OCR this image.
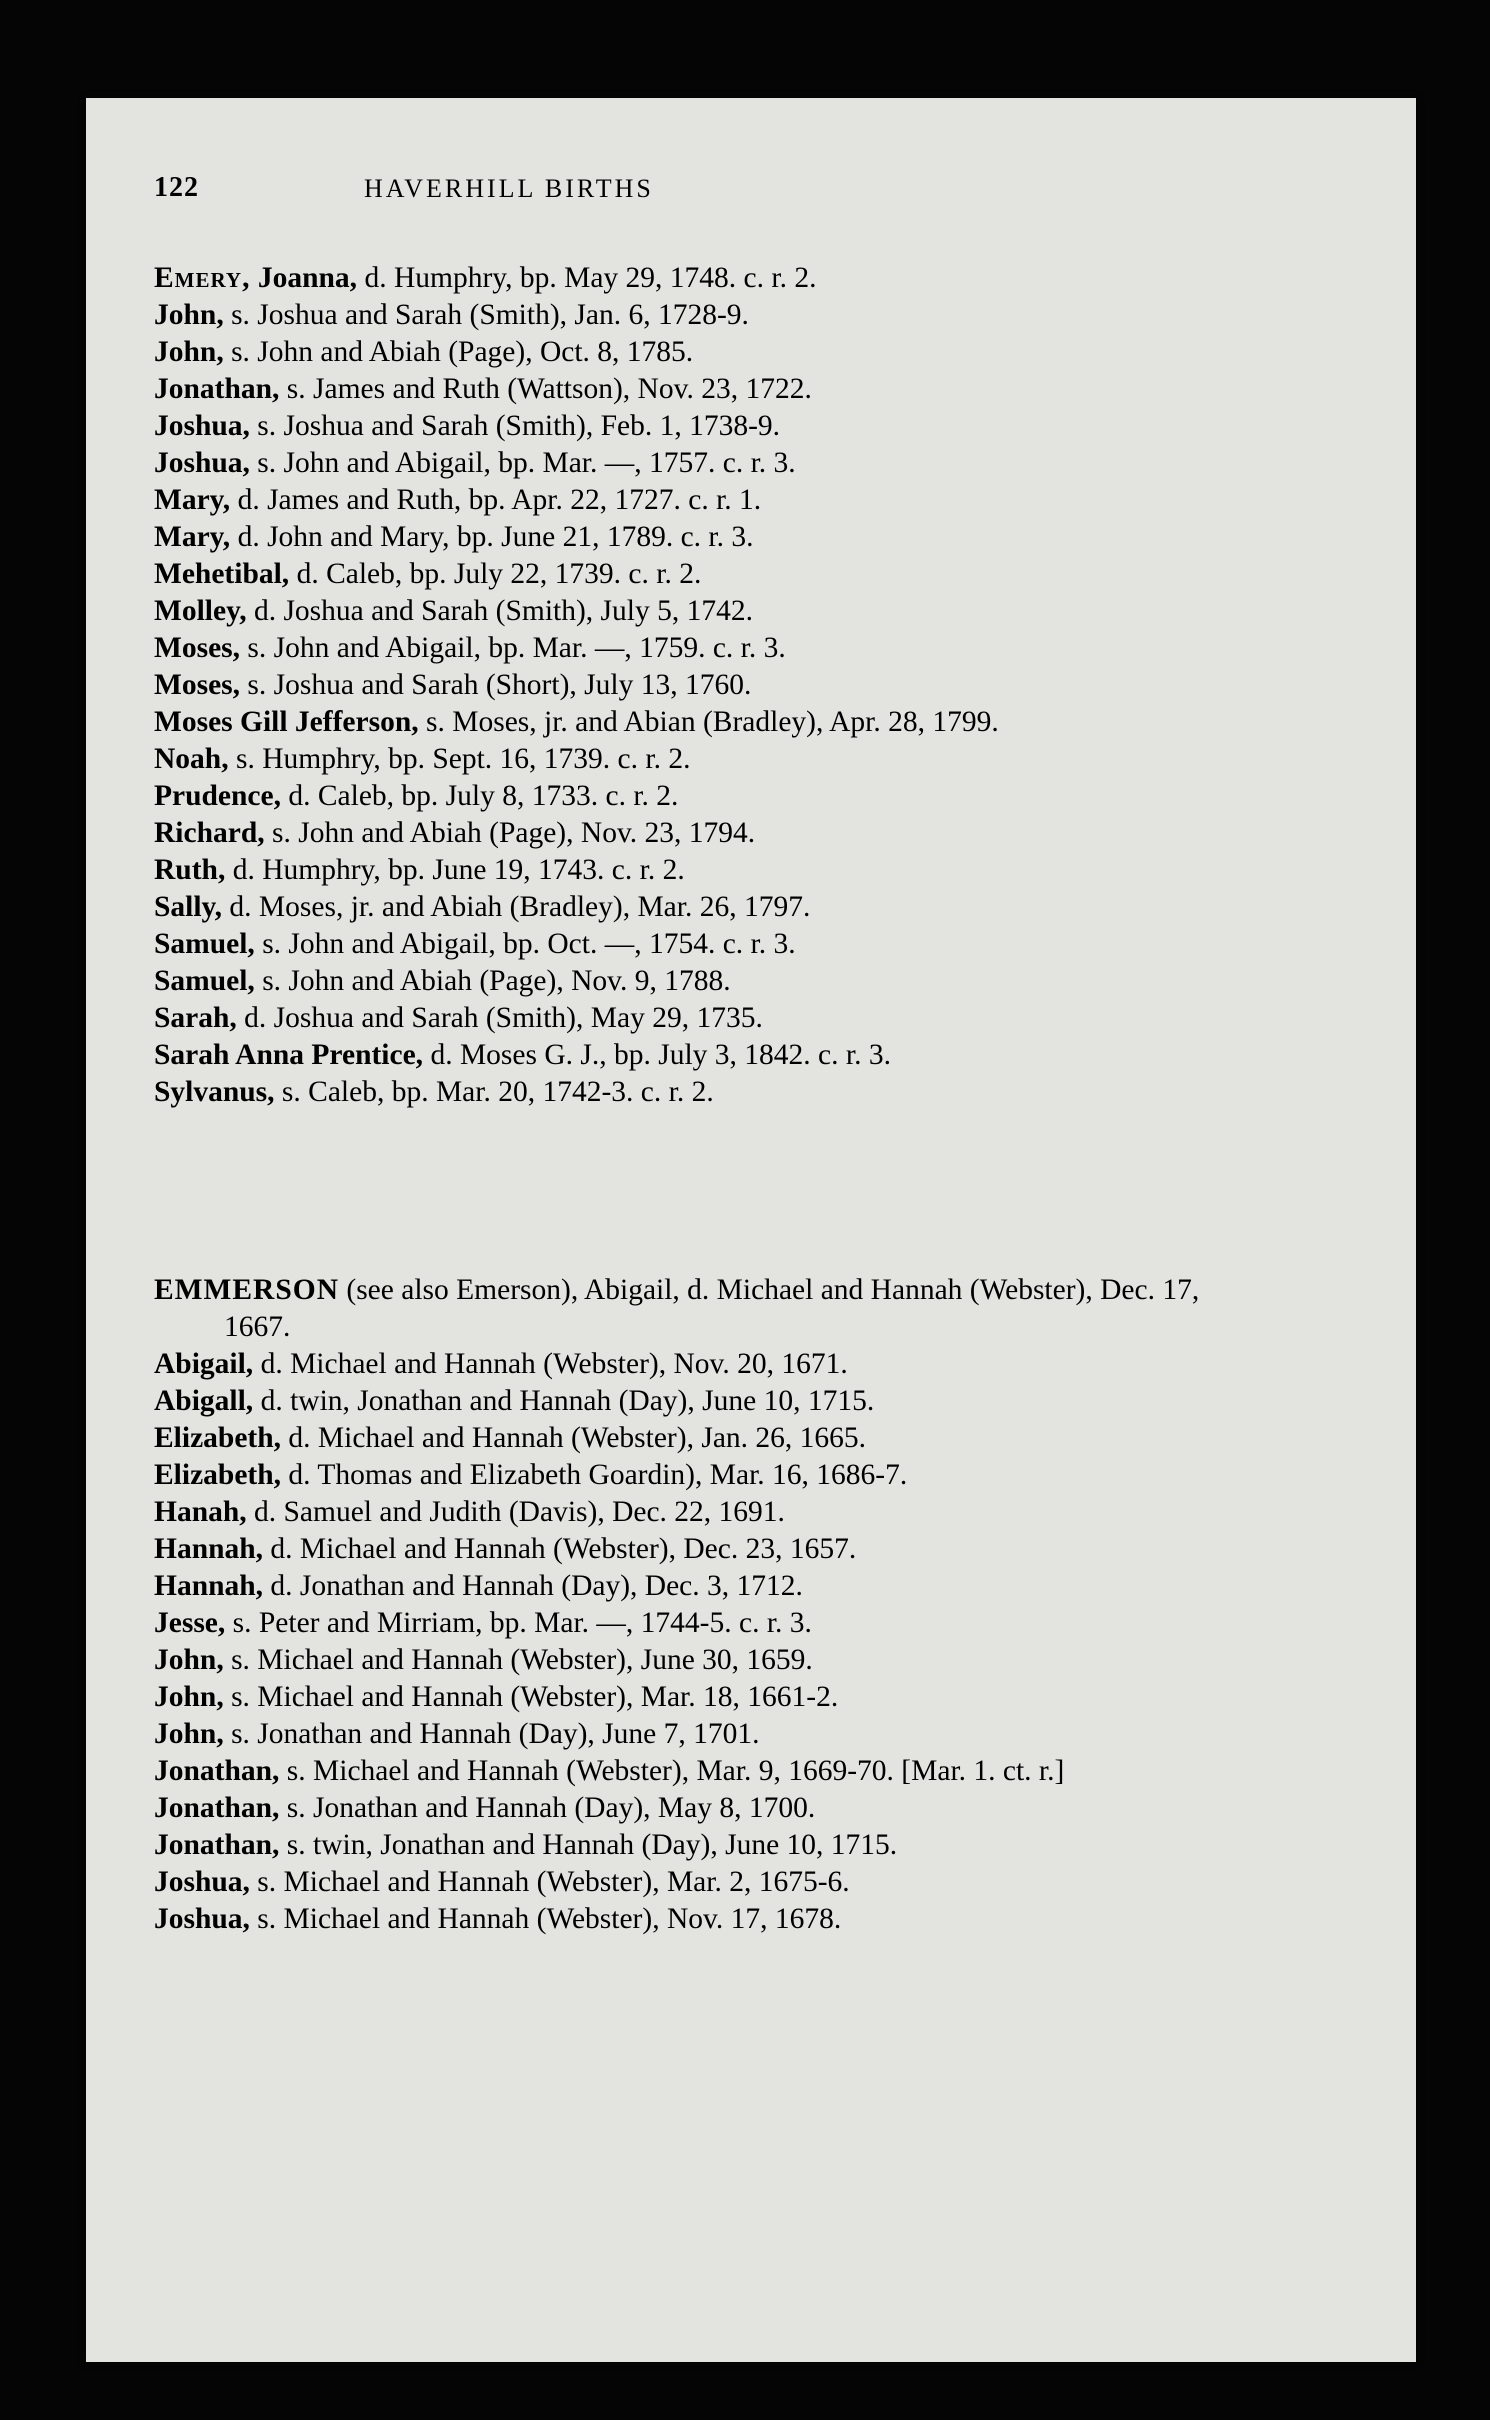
122	HAVERHILL BIRTHS
Emery, Joanna, d. Humphry, bp. May 29, 1748. c. r. 2.
John, s. Joshua and Sarah (Smith), Jan. 6, 1728-9.
John, s. John and Abiah (Page), Oct. 8, 1785.
Jonathan, s. James and Ruth (Wattson), Nov. 23, 1722.
Joshua, s. Joshua and Sarah (Smith), Feb. 1, 1738-9.
Joshua, s. John and Abigail, bp. Mar. —, 1757. c. r. 3.
Mary, d. James and Ruth, bp. Apr. 22, 1727. c. r. 1.
Mary, d. John and Mary, bp. June 21, 1789. c. r. 3.
Mehetibal, d. Caleb, bp. July 22, 1739. c. r. 2.
Molley, d. Joshua and Sarah (Smith), July 5, 1742.
Moses, s. John and Abigail, bp. Mar. —, 1759. c. r. 3.
Moses, s. Joshua and Sarah (Short), July 13, 1760.
Moses Gill Jefferson, s. Moses, jr. and Abian (Bradley), Apr. 28, 1799.
Noah, s. Humphry, bp. Sept. 16, 1739. c. r. 2.
Prudence, d. Caleb, bp. July 8, 1733. c. r. 2.
Richard, s. John and Abiah (Page), Nov. 23, 1794.
Ruth, d. Humphry, bp. June 19, 1743. c. r. 2.
Sally, d. Moses, jr. and Abiah (Bradley), Mar. 26, 1797.
Samuel, s. John and Abigail, bp. Oct. —, 1754. c. r. 3.
Samuel, s. John and Abiah (Page), Nov. 9, 1788.
Sarah, d. Joshua and Sarah (Smith), May 29, 1735.
Sarah Anna Prentice, d. Moses G. J., bp. July 3, 1842. c. r. 3.
Sylvanus, s. Caleb, bp. Mar. 20, 1742-3. c. r. 2.
EMMERSON (see also Emerson), Abigail, d. Michael and Hannah (Webster), Dec. 17, 1667.
Abigail, d. Michael and Hannah (Webster), Nov. 20, 1671.
Abigall, d. twin, Jonathan and Hannah (Day), June 10, 1715.
Elizabeth, d. Michael and Hannah (Webster), Jan. 26, 1665.
Elizabeth, d. Thomas and Elizabeth Goardin), Mar. 16, 1686-7.
Hanah, d. Samuel and Judith (Davis), Dec. 22, 1691.
Hannah, d. Michael and Hannah (Webster), Dec. 23, 1657.
Hannah, d. Jonathan and Hannah (Day), Dec. 3, 1712.
Jesse, s. Peter and Mirriam, bp. Mar. —, 1744-5. c. r. 3.
John, s. Michael and Hannah (Webster), June 30, 1659.
John, s. Michael and Hannah (Webster), Mar. 18, 1661-2.
John, s. Jonathan and Hannah (Day), June 7, 1701.
Jonathan, s. Michael and Hannah (Webster), Mar. 9, 1669-70. [Mar. 1. ct. r.]
Jonathan, s. Jonathan and Hannah (Day), May 8, 1700.
Jonathan, s. twin, Jonathan and Hannah (Day), June 10, 1715.
Joshua, s. Michael and Hannah (Webster), Mar. 2, 1675-6.
Joshua, s. Michael and Hannah (Webster), Nov. 17, 1678.
